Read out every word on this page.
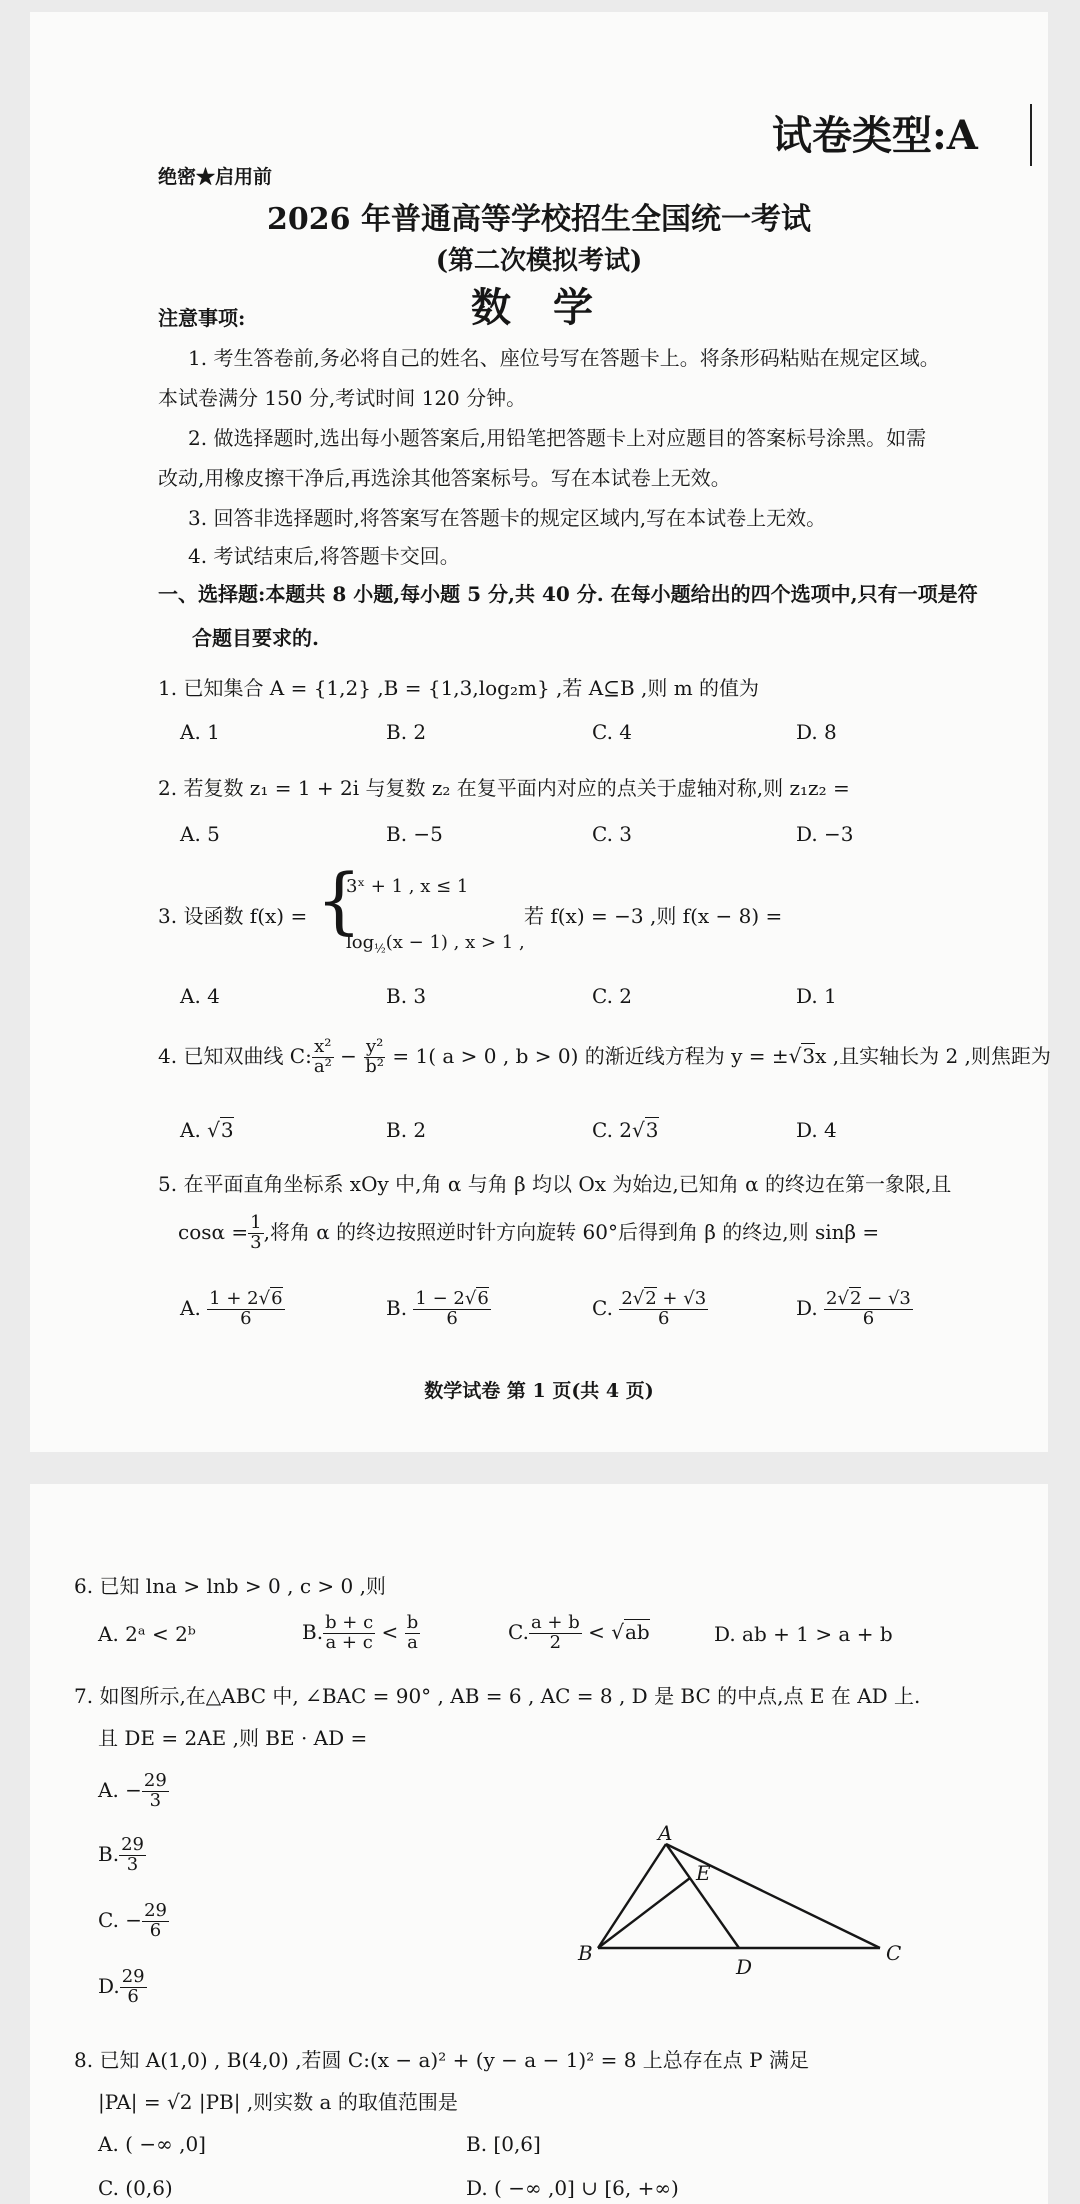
试卷类型:A
绝密★启用前
2026 年普通高等学校招生全国统一考试
(第二次模拟考试)
数 学
注意事项:
1. 考生答卷前,务必将自己的姓名、座位号写在答题卡上。将条形码粘贴在规定区域。
本试卷满分 150 分,考试时间 120 分钟。
2. 做选择题时,选出每小题答案后,用铅笔把答题卡上对应题目的答案标号涂黑。如需
改动,用橡皮擦干净后,再选涂其他答案标号。写在本试卷上无效。
3. 回答非选择题时,将答案写在答题卡的规定区域内,写在本试卷上无效。
4. 考试结束后,将答题卡交回。
一、选择题:本题共 8 小题,每小题 5 分,共 40 分. 在每小题给出的四个选项中,只有一项是符
合题目要求的.
1. 已知集合 A = {1,2} ,B = {1,3,log₂m} ,若 A⊆B ,则 m 的值为
A. 1	B. 2	C. 4	D. 8
2. 若复数 z₁ = 1 + 2i 与复数 z₂ 在复平面内对应的点关于虚轴对称,则 z₁z₂ =
A. 5	B. −5	C. 3	D. −3
3. 设函数 f(x) = {
3ˣ + 1 , x ≤ 1
$\log_{\frac{1}{2}}(x - 1)$ , x > 1 ,
若 f(x) = −3 ,则 f(x − 8) =
A. 4	B. 3	C. 2	D. 1
4. 已知双曲线 C: $\frac{\text{x²}}{\text{a²}} - \frac{\text{y²}}{\text{b²}} = 1$( a > 0 , b > 0) 的渐近线方程为 y = ±√3x ,且实轴长为 2 ,则焦距为
A. √3	B. 2	C. 2√3	D. 4
5. 在平面直角坐标系 xOy 中,角 α 与角 β 均以 Ox 为始边,已知角 α 的终边在第一象限,且
$\cos\alpha = \frac{1}{3}$ ,将角 α 的终边按照逆时针方向旋转 60°后得到角 β 的终边,则 sinβ =
A. $\frac{1 + 2√6}{6}$	B. $\frac{1 - 2√6}{6}$	C. $\frac{2√2 + √3}{6}$	D. $\frac{2√2 - √3}{6}$
数学试卷 第 1 页(共 4 页)
6. 已知 lna > lnb > 0 , c > 0 ,则
A. 2ᵃ < 2ᵇ	B. $\frac{b + c}{a + c} < \frac{b}{a}$	C. $\frac{a + b}{2} < √ab$	D. ab + 1 > a + b
7. 如图所示,在△ABC 中, ∠BAC = 90° , AB = 6 , AC = 8 , D 是 BC 的中点,点 E 在 AD 上.
且 DE = 2AE ,则 BE · AD =
A. − $\frac{29}{3}$
B. $\frac{29}{3}$
C. − $\frac{29}{6}$
D. $\frac{29}{6}$
A
B	C
D
E
8. 已知 A(1,0) , B(4,0) ,若圆 C:(x − a)² + (y − a − 1)² = 8 上总存在点 P 满足
|PA| = √2 |PB| ,则实数 a 的取值范围是
A. ( −∞ ,0]	B. [0,6]
C. (0,6)	D. ( −∞ ,0] ∪ [6, +∞)
